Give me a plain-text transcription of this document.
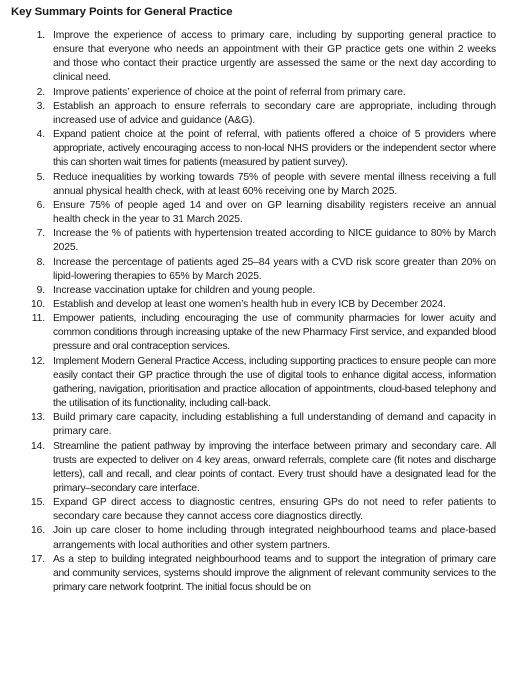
Key Summary Points for General Practice
1. Improve the experience of access to primary care, including by supporting general practice to ensure that everyone who needs an appointment with their GP practice gets one within 2 weeks and those who contact their practice urgently are assessed the same or the next day according to clinical need.
2. Improve patients’ experience of choice at the point of referral from primary care.
3. Establish an approach to ensure referrals to secondary care are appropriate, including through increased use of advice and guidance (A&G).
4. Expand patient choice at the point of referral, with patients offered a choice of 5 providers where appropriate, actively encouraging access to non-local NHS providers or the independent sector where this can shorten wait times for patients (measured by patient survey).
5. Reduce inequalities by working towards 75% of people with severe mental illness receiving a full annual physical health check, with at least 60% receiving one by March 2025.
6. Ensure 75% of people aged 14 and over on GP learning disability registers receive an annual health check in the year to 31 March 2025.
7. Increase the % of patients with hypertension treated according to NICE guidance to 80% by March 2025.
8. Increase the percentage of patients aged 25–84 years with a CVD risk score greater than 20% on lipid-lowering therapies to 65% by March 2025.
9. Increase vaccination uptake for children and young people.
10. Establish and develop at least one women’s health hub in every ICB by December 2024.
11. Empower patients, including encouraging the use of community pharmacies for lower acuity and common conditions through increasing uptake of the new Pharmacy First service, and expanded blood pressure and oral contraception services.
12. Implement Modern General Practice Access, including supporting practices to ensure people can more easily contact their GP practice through the use of digital tools to enhance digital access, information gathering, navigation, prioritisation and practice allocation of appointments, cloud-based telephony and the utilisation of its functionality, including call-back.
13. Build primary care capacity, including establishing a full understanding of demand and capacity in primary care.
14. Streamline the patient pathway by improving the interface between primary and secondary care. All trusts are expected to deliver on 4 key areas, onward referrals, complete care (fit notes and discharge letters), call and recall, and clear points of contact. Every trust should have a designated lead for the primary–secondary care interface.
15. Expand GP direct access to diagnostic centres, ensuring GPs do not need to refer patients to secondary care because they cannot access core diagnostics directly.
16. Join up care closer to home including through integrated neighbourhood teams and place-based arrangements with local authorities and other system partners.
17. As a step to building integrated neighbourhood teams and to support the integration of primary care and community services, systems should improve the alignment of relevant community services to the primary care network footprint. The initial focus should be on
